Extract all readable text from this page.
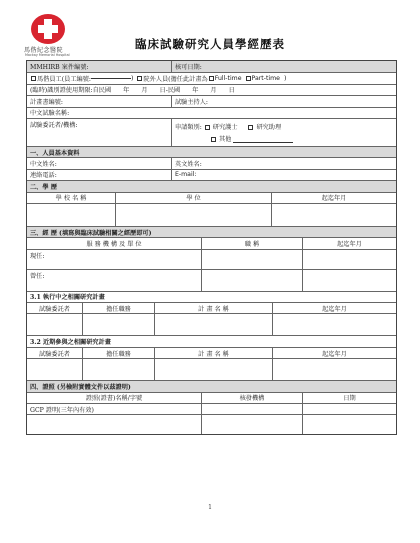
馬偕紀念醫院
Mackay Memorial Hospital
臨床試驗研究人員學經歷表
MMHIRB 案件編號:	核可日期:
馬偕員工(員工編號:	) 院外人員(擔任此計畫為 Full-time Part-time )
(臨時)識別證使用期限:自民國 年 月 日-民國 年 月 日
計畫書編號:	試驗主持人:
中文試驗名稱:
試驗委託者/機構:	申請類別: 研究護士	研究助理
其他
一、人員基本資料
中文姓名:	英文姓名:
連絡電話:	E-mail:
二、學 歷
學 校 名 稱	學 位	起迄年月
三、經 歷 (填寫與臨床試驗相關之經歷即可)
服 務 機 構 及 單 位	職 稱	起迄年月
現任:
曾任:
3.1 執行中之相關研究計畫
試驗委託者	擔任職務	計 畫 名 稱	起迄年月
3.2 近期參與之相關研究計畫
試驗委託者	擔任職務	計 畫 名 稱	起迄年月
四、證照 (另檢附實體文件以茲證明)
證照(證書)名稱/字號	核發機構	日期
GCP 證明(三年內有效)
1
